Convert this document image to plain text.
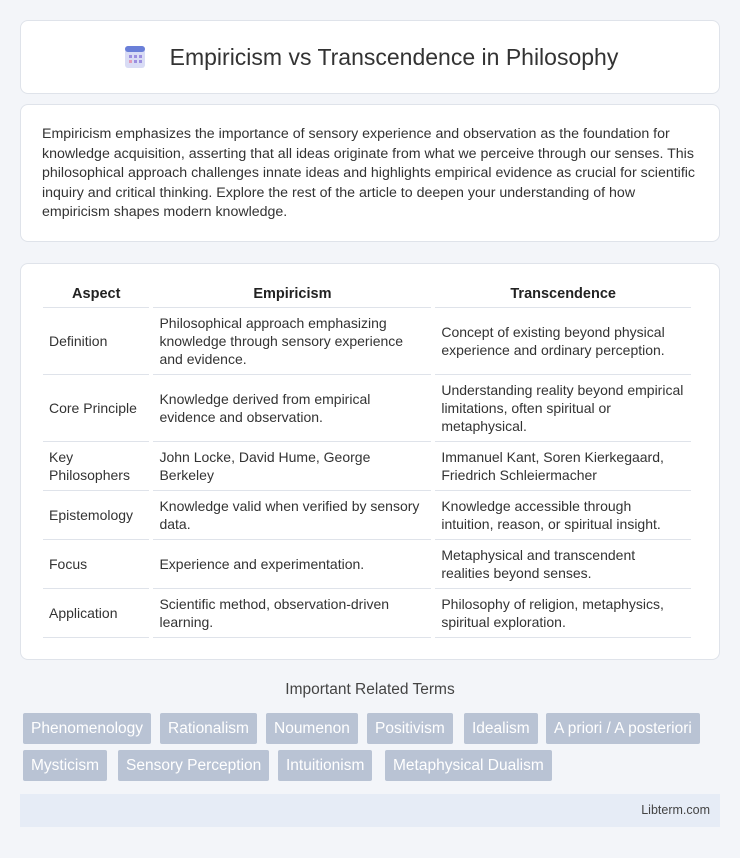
Empiricism vs Transcendence in Philosophy

Empiricism emphasizes the importance of sensory experience and observation as the foundation for knowledge acquisition, asserting that all ideas originate from what we perceive through our senses. This philosophical approach challenges innate ideas and highlights empirical evidence as crucial for scientific inquiry and critical thinking. Explore the rest of the article to deepen your understanding of how empiricism shapes modern knowledge.

Aspect	Empiricism	Transcendence
Definition	Philosophical approach emphasizing knowledge through sensory experience and evidence.	Concept of existing beyond physical experience and ordinary perception.
Core Principle	Knowledge derived from empirical evidence and observation.	Understanding reality beyond empirical limitations, often spiritual or metaphysical.
Key Philosophers	John Locke, David Hume, George Berkeley	Immanuel Kant, Soren Kierkegaard, Friedrich Schleiermacher
Epistemology	Knowledge valid when verified by sensory data.	Knowledge accessible through intuition, reason, or spiritual insight.
Focus	Experience and experimentation.	Metaphysical and transcendent realities beyond senses.
Application	Scientific method, observation-driven learning.	Philosophy of religion, metaphysics, spiritual exploration.
Important Related Terms
Phenomenology	Rationalism	Noumenon	Positivism	Idealism	A priori / A posteriori
Mysticism	Sensory Perception	Intuitionism	Metaphysical Dualism
Libterm.com
